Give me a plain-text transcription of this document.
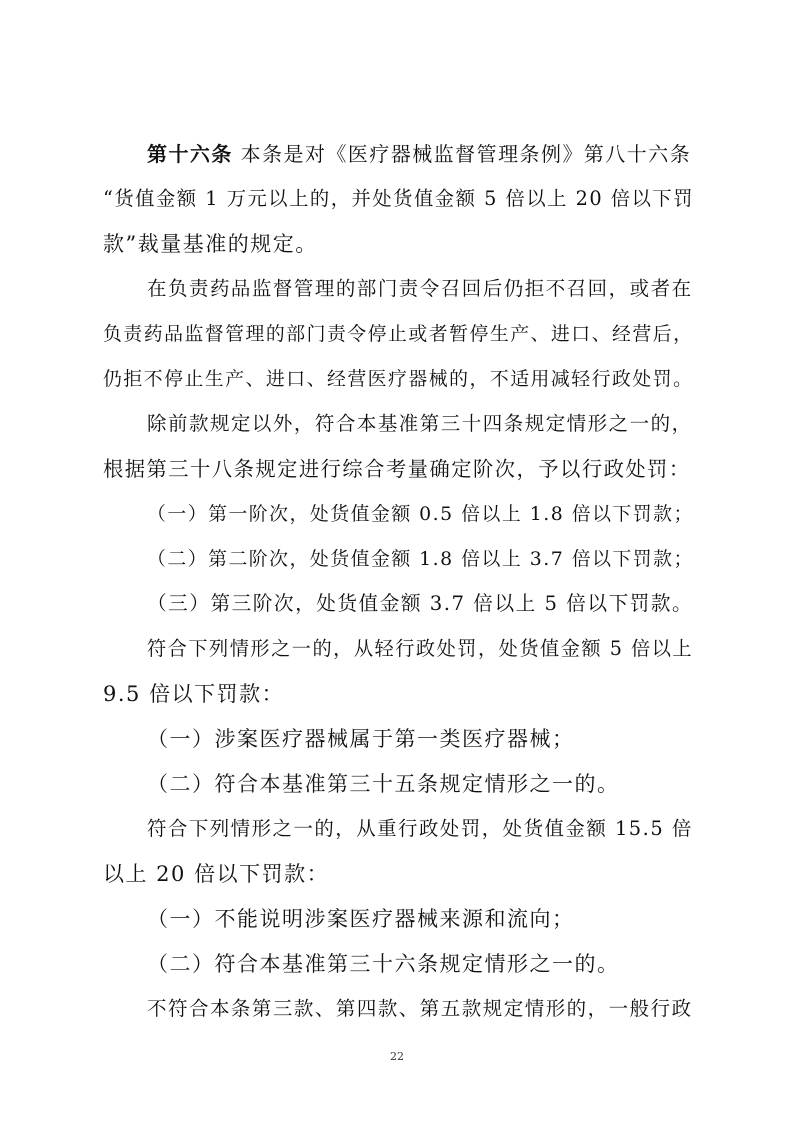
第十六条 本条是对《医疗器械监督管理条例》第八十六条
“货值金额 1 万元以上的，并处货值金额 5 倍以上 20 倍以下罚
款”裁量基准的规定。
在负责药品监督管理的部门责令召回后仍拒不召回，或者在
负责药品监督管理的部门责令停止或者暂停生产、进口、经营后，
仍拒不停止生产、进口、经营医疗器械的，不适用减轻行政处罚。
除前款规定以外，符合本基准第三十四条规定情形之一的，
根据第三十八条规定进行综合考量确定阶次，予以行政处罚：
（一）第一阶次，处货值金额 0.5 倍以上 1.8 倍以下罚款；
（二）第二阶次，处货值金额 1.8 倍以上 3.7 倍以下罚款；
（三）第三阶次，处货值金额 3.7 倍以上 5 倍以下罚款。
符合下列情形之一的，从轻行政处罚，处货值金额 5 倍以上
9.5 倍以下罚款：
（一）涉案医疗器械属于第一类医疗器械；
（二）符合本基准第三十五条规定情形之一的。
符合下列情形之一的，从重行政处罚，处货值金额 15.5 倍
以上 20 倍以下罚款：
（一）不能说明涉案医疗器械来源和流向；
（二）符合本基准第三十六条规定情形之一的。
不符合本条第三款、第四款、第五款规定情形的，一般行政
22
